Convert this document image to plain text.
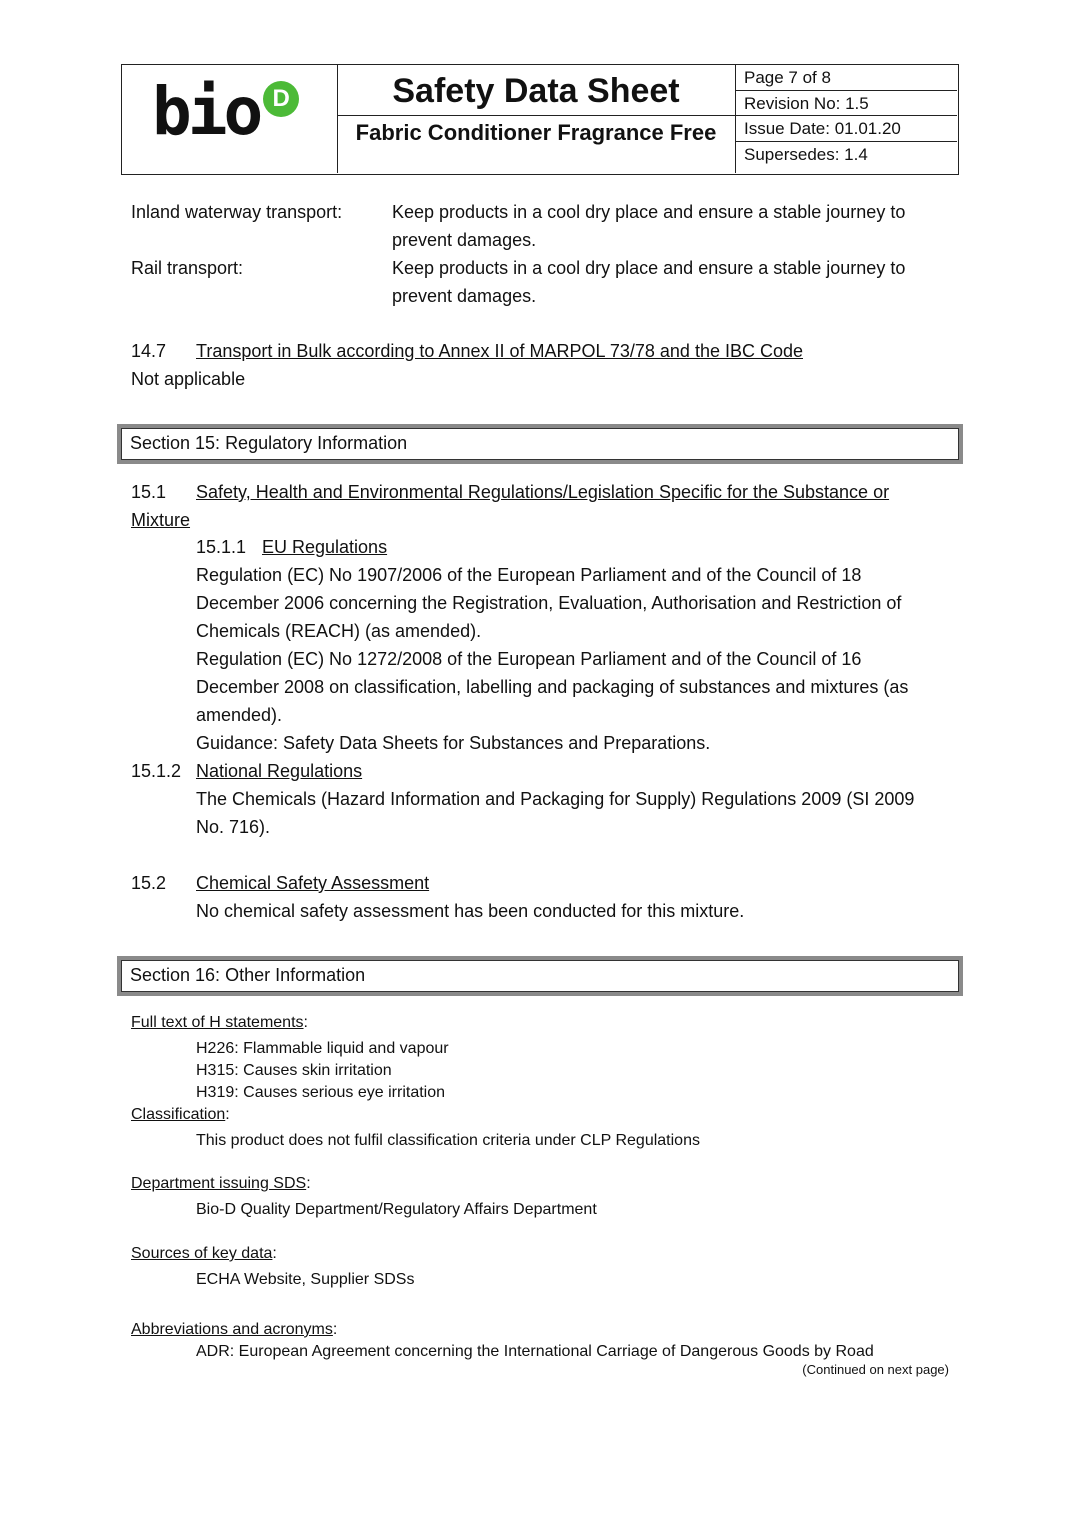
bio D	Safety Data Sheet
Fabric Conditioner Fragrance Free
Page 7 of 8
Revision No: 1.5
Issue Date: 01.01.20
Supersedes: 1.4
Inland waterway transport:	Keep products in a cool dry place and ensure a stable journey to
prevent damages.
Rail transport:	Keep products in a cool dry place and ensure a stable journey to
prevent damages.
14.7 Transport in Bulk according to Annex II of MARPOL 73/78 and the IBC Code
Not applicable
Section 15: Regulatory Information
15.1 Safety, Health and Environmental Regulations/Legislation Specific for the Substance or
Mixture
15.1.1 EU Regulations
Regulation (EC) No 1907/2006 of the European Parliament and of the Council of 18
December 2006 concerning the Registration, Evaluation, Authorisation and Restriction of
Chemicals (REACH) (as amended).
Regulation (EC) No 1272/2008 of the European Parliament and of the Council of 16
December 2008 on classification, labelling and packaging of substances and mixtures (as
amended).
Guidance: Safety Data Sheets for Substances and Preparations.
15.1.2 National Regulations
The Chemicals (Hazard Information and Packaging for Supply) Regulations 2009 (SI 2009
No. 716).
15.2 Chemical Safety Assessment
No chemical safety assessment has been conducted for this mixture.
Section 16: Other Information
Full text of H statements:
H226: Flammable liquid and vapour
H315: Causes skin irritation
H319: Causes serious eye irritation
Classification:
This product does not fulfil classification criteria under CLP Regulations
Department issuing SDS:
Bio-D Quality Department/Regulatory Affairs Department
Sources of key data:
ECHA Website, Supplier SDSs
Abbreviations and acronyms:
ADR: European Agreement concerning the International Carriage of Dangerous Goods by Road
(Continued on next page)
